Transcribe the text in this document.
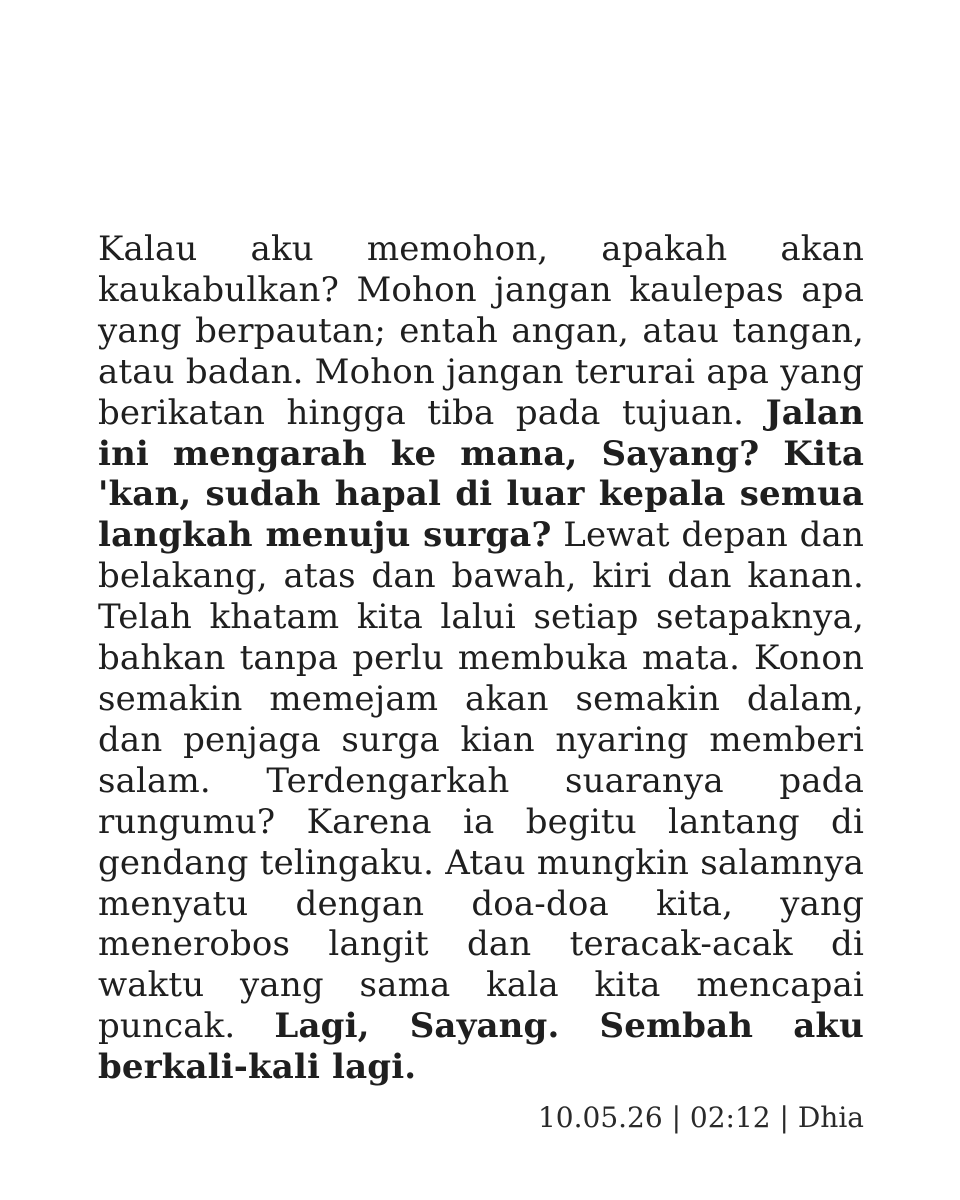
Kalau aku memohon, apakah akan kaukabulkan? Mohon jangan kaulepas apa yang berpautan; entah angan, atau tangan, atau badan. Mohon jangan terurai apa yang berikatan hingga tiba pada tujuan. Jalan ini mengarah ke mana, Sayang? Kita 'kan, sudah hapal di luar kepala semua langkah menuju surga? Lewat depan dan belakang, atas dan bawah, kiri dan kanan. Telah khatam kita lalui setiap setapaknya, bahkan tanpa perlu membuka mata. Konon semakin memejam akan semakin dalam, dan penjaga surga kian nyaring memberi salam. Terdengarkah suaranya pada rungumu? Karena ia begitu lantang di gendang telingaku. Atau mungkin salamnya menyatu dengan doa-doa kita, yang menerobos langit dan teracak-acak di waktu yang sama kala kita mencapai puncak. Lagi, Sayang. Sembah aku berkali-kali lagi.

10.05.26 | 02:12 | Dhia
